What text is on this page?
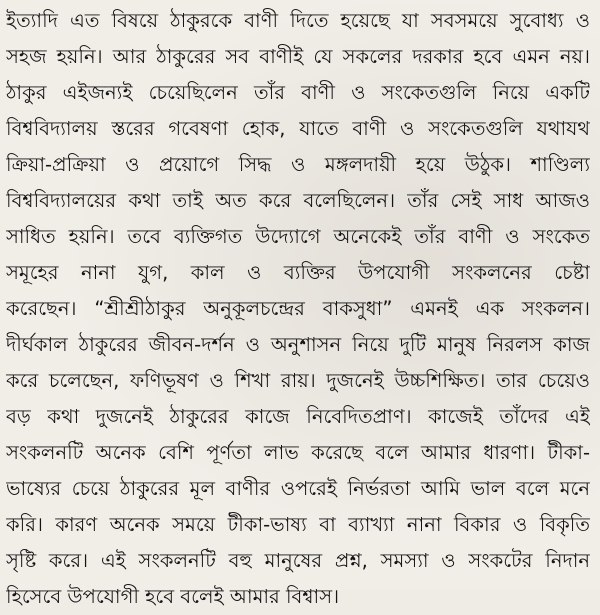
ইত্যাদি এত বিষয়ে ঠাকুরকে বাণী দিতে হয়েছে যা সবসময়ে সুবোধ্য ও
সহজ হয়নি। আর ঠাকুরের সব বাণীই যে সকলের দরকার হবে এমন নয়।
ঠাকুর এইজন্যই চেয়েছিলেন তাঁর বাণী ও সংকেতগুলি নিয়ে একটি
বিশ্ববিদ্যালয় স্তরের গবেষণা হোক, যাতে বাণী ও সংকেতগুলি যথাযথ
ক্রিয়া-প্রক্রিয়া ও প্রয়োগে সিদ্ধ ও মঙ্গলদায়ী হয়ে উঠুক। শাণ্ডিল্য
বিশ্ববিদ্যালয়ের কথা তাই অত করে বলেছিলেন। তাঁর সেই সাধ আজও
সাধিত হয়নি। তবে ব্যক্তিগত উদ্যোগে অনেকেই তাঁর বাণী ও সংকেত
সমূহের নানা যুগ, কাল ও ব্যক্তির উপযোগী সংকলনের চেষ্টা
করেছেন। “শ্রীশ্রীঠাকুর অনুকূলচন্দ্রের বাকসুধা” এমনই এক সংকলন।
দীর্ঘকাল ঠাকুরের জীবন-দর্শন ও অনুশাসন নিয়ে দুটি মানুষ নিরলস কাজ
করে চলেছেন, ফণিভূষণ ও শিখা রায়। দুজনেই উচ্চশিক্ষিত। তার চেয়েও
বড় কথা দুজনেই ঠাকুরের কাজে নিবেদিতপ্রাণ। কাজেই তাঁদের এই
সংকলনটি অনেক বেশি পূর্ণতা লাভ করেছে বলে আমার ধারণা। টীকা-
ভাষ্যের চেয়ে ঠাকুরের মূল বাণীর ওপরেই নির্ভরতা আমি ভাল বলে মনে
করি। কারণ অনেক সময়ে টীকা-ভাষ্য বা ব্যাখ্যা নানা বিকার ও বিকৃতি
সৃষ্টি করে। এই সংকলনটি বহু মানুষের প্রশ্ন, সমস্যা ও সংকটের নিদান
হিসেবে উপযোগী হবে বলেই আমার বিশ্বাস।
